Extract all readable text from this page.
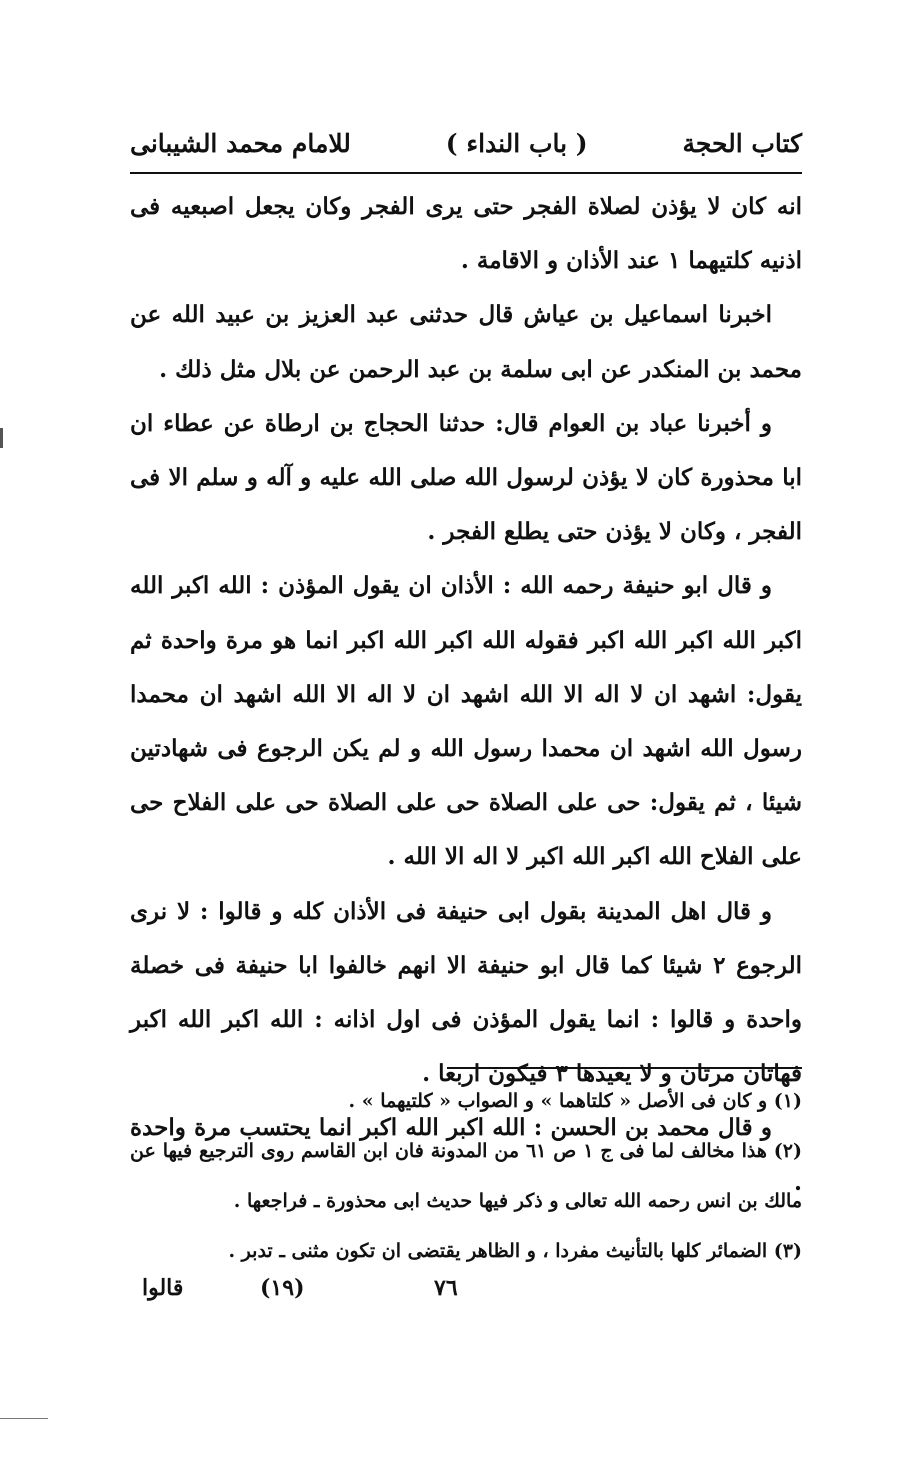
كتاب الحجة
( باب النداء )
للامام محمد الشيبانى

انه كان لا يؤذن لصلاة الفجر حتى يرى الفجر وكان يجعل اصبعيه فى اذنيه كلتيهما ١ عند الأذان و الاقامة .

اخبرنا اسماعيل بن عياش قال حدثنى عبد العزيز بن عبيد الله عن محمد بن المنكدر عن ابى سلمة بن عبد الرحمن عن بلال مثل ذلك .

و أخبرنا عباد بن العوام قال: حدثنا الحجاج بن ارطاة عن عطاء ان ابا محذورة كان لا يؤذن لرسول الله صلى الله عليه و آله و سلم الا فى الفجر ، وكان لا يؤذن حتى يطلع الفجر .

و قال ابو حنيفة رحمه الله : الأذان ان يقول المؤذن : الله اكبر الله اكبر الله اكبر الله اكبر فقوله الله اكبر الله اكبر انما هو مرة واحدة ثم يقول: اشهد ان لا اله الا الله اشهد ان لا اله الا الله اشهد ان محمدا رسول الله اشهد ان محمدا رسول الله و لم يكن الرجوع فى شهادتين شيئا ، ثم يقول: حى على الصلاة حى على الصلاة حى على الفلاح حى على الفلاح الله اكبر الله اكبر لا اله الا الله .

و قال اهل المدينة بقول ابى حنيفة فى الأذان كله و قالوا : لا نرى الرجوع ٢ شيئا كما قال ابو حنيفة الا انهم خالفوا ابا حنيفة فى خصلة واحدة و قالوا : انما يقول المؤذن فى اول اذانه : الله اكبر الله اكبر فهاتان مرتان و لا يعيدها ٣ فيكون اربعا .

و قال محمد بن الحسن : الله اكبر الله اكبر انما يحتسب مرة واحدة .

(١) و كان فى الأصل « كلتاهما » و الصواب « كلتيهما » .

(٢) هذا مخالف لما فى ج ١ ص ٦١ من المدونة فان ابن القاسم روى الترجيع فيها عن مالك بن انس رحمه الله تعالى و ذكر فيها حديث ابى محذورة ـ فراجعها .

(٣) الضمائر كلها بالتأنيث مفردا ، و الظاهر يقتضى ان تكون مثنى ـ تدبر .

قالوا	(١٩)	٧٦
